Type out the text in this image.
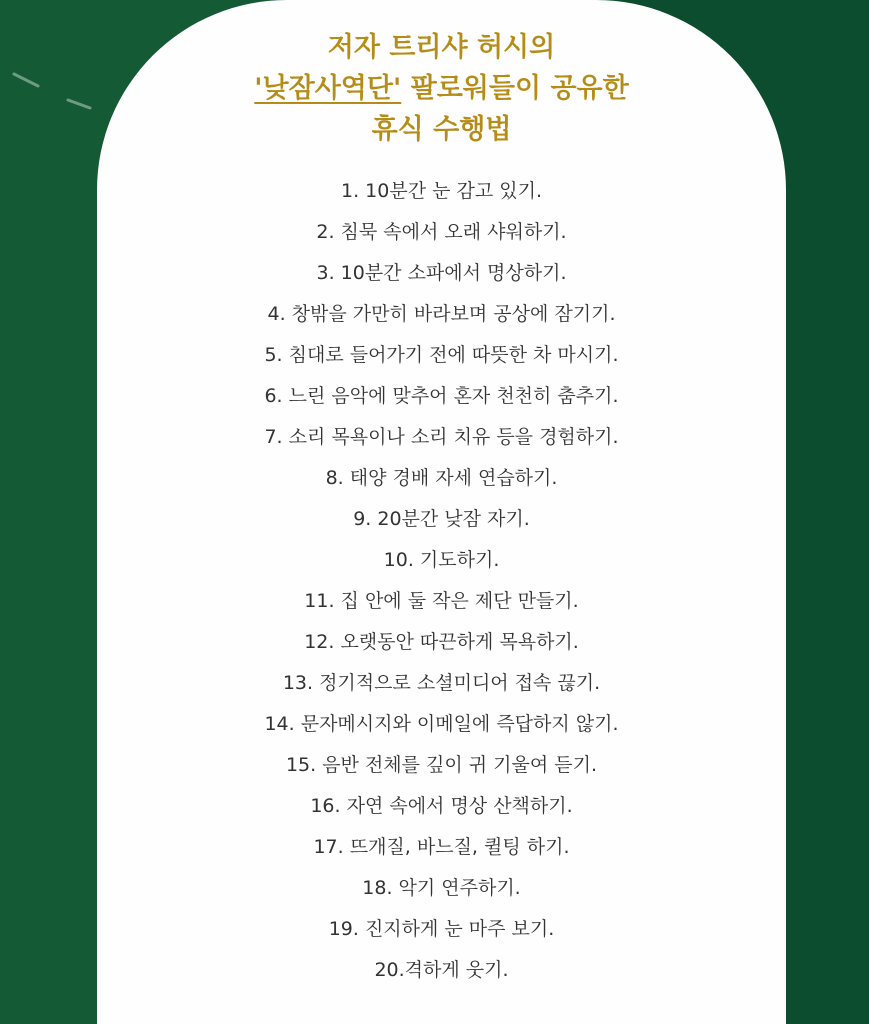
저자 트리샤 허시의
'낮잠사역단' 팔로워들이 공유한
휴식 수행법
1. 10분간 눈 감고 있기.
2. 침묵 속에서 오래 샤워하기.
3. 10분간 소파에서 명상하기.
4. 창밖을 가만히 바라보며 공상에 잠기기.
5. 침대로 들어가기 전에 따뜻한 차 마시기.
6. 느린 음악에 맞추어 혼자 천천히 춤추기.
7. 소리 목욕이나 소리 치유 등을 경험하기.
8. 태양 경배 자세 연습하기.
9. 20분간 낮잠 자기.
10. 기도하기.
11. 집 안에 둘 작은 제단 만들기.
12. 오랫동안 따끈하게 목욕하기.
13. 정기적으로 소셜미디어 접속 끊기.
14. 문자메시지와 이메일에 즉답하지 않기.
15. 음반 전체를 깊이 귀 기울여 듣기.
16. 자연 속에서 명상 산책하기.
17. 뜨개질, 바느질, 퀼팅 하기.
18. 악기 연주하기.
19. 진지하게 눈 마주 보기.
20.격하게 웃기.
